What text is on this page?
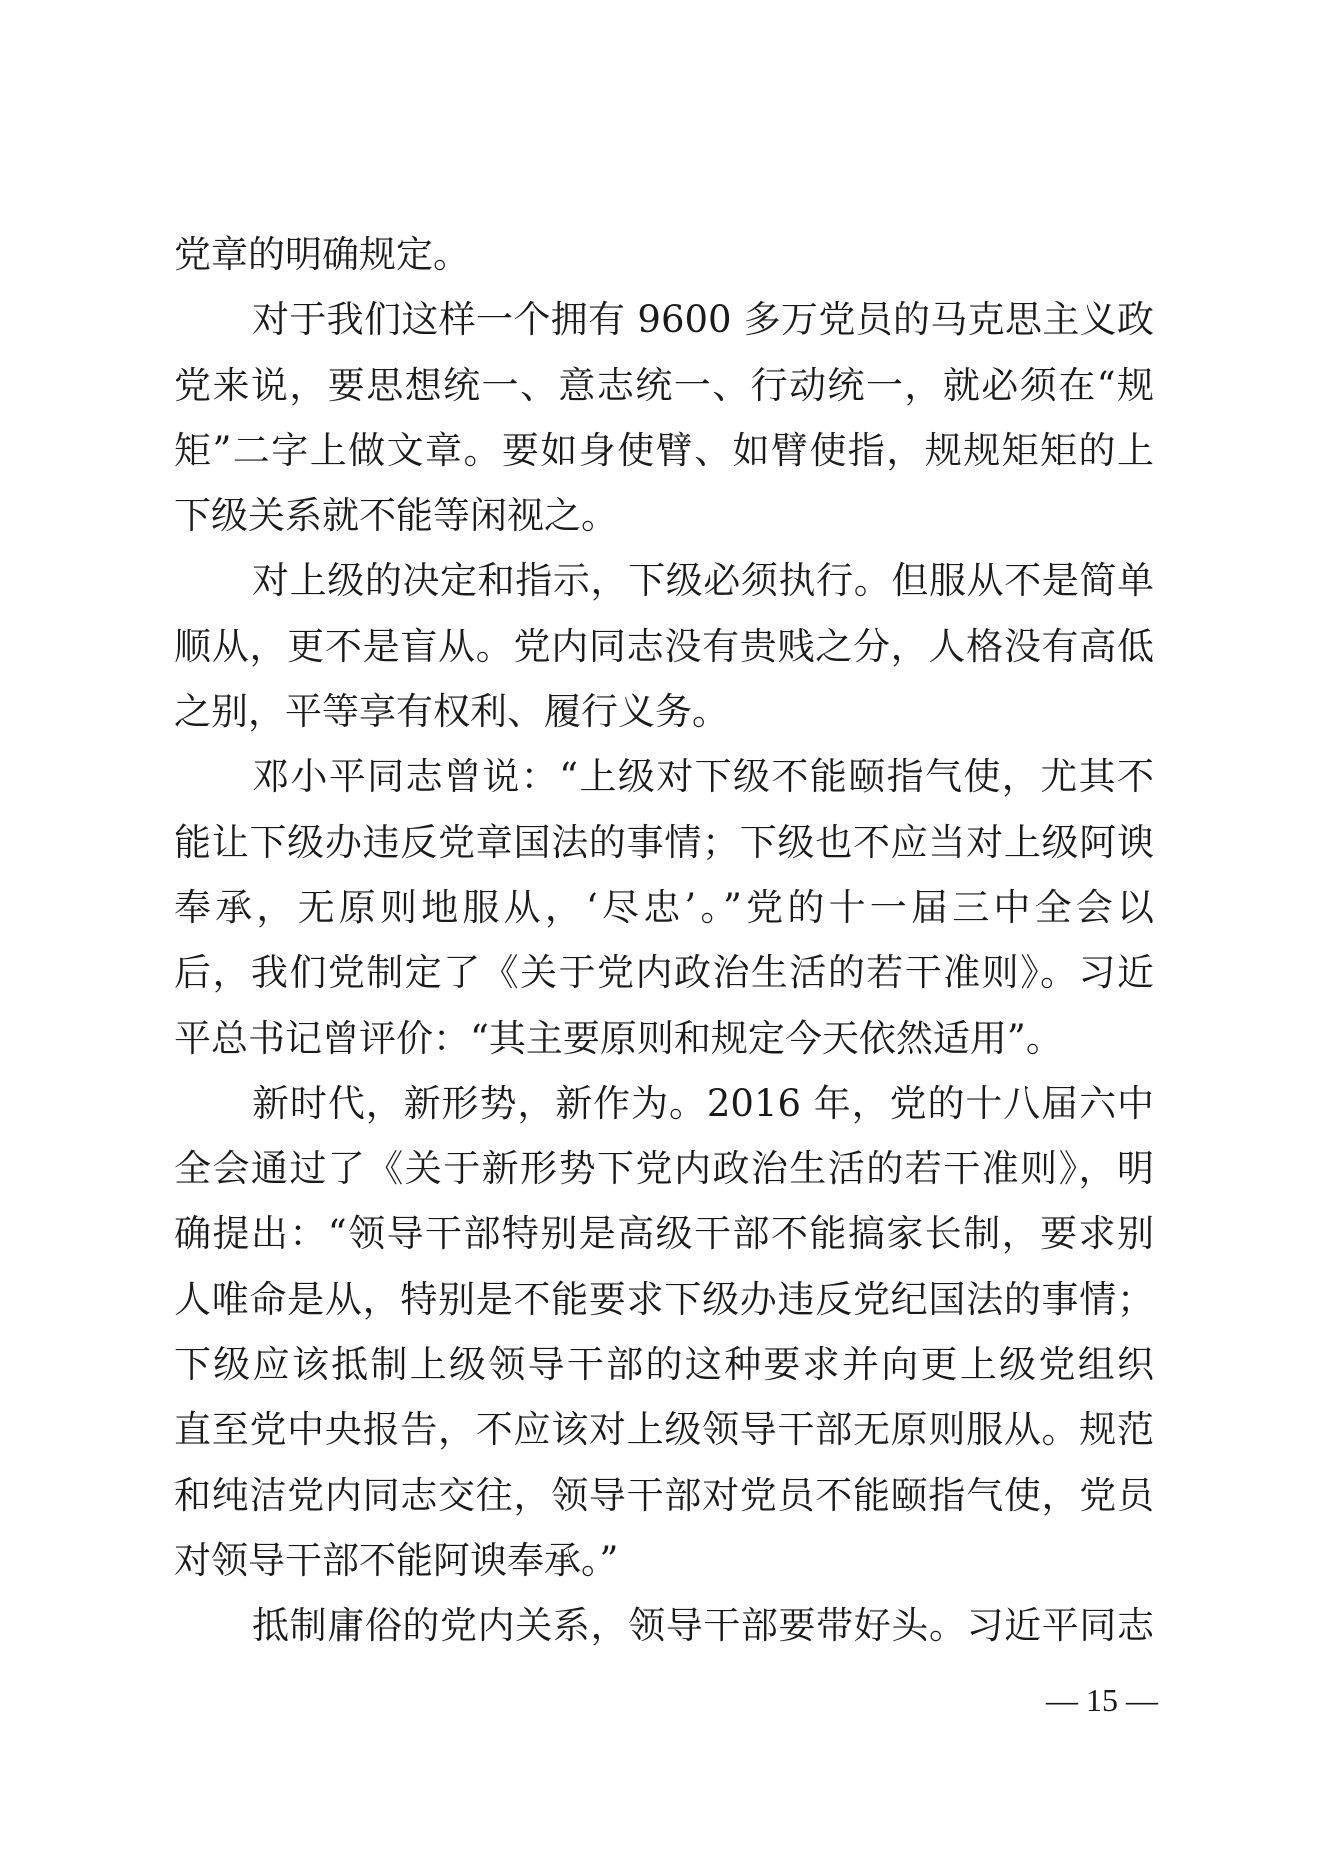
党章的明确规定。
对于我们这样一个拥有 9600 多万党员的马克思主义政
党来说，要思想统一、意志统一、行动统一，就必须在“规
矩”二字上做文章。要如身使臂、如臂使指，规规矩矩的上
下级关系就不能等闲视之。
对上级的决定和指示，下级必须执行。但服从不是简单
顺从，更不是盲从。党内同志没有贵贱之分，人格没有高低
之别，平等享有权利、履行义务。
邓小平同志曾说：“上级对下级不能颐指气使，尤其不
能让下级办违反党章国法的事情；下级也不应当对上级阿谀
奉承，无原则地服从，‘尽忠’。”党的十一届三中全会以
后，我们党制定了《关于党内政治生活的若干准则》。习近
平总书记曾评价：“其主要原则和规定今天依然适用”。
新时代，新形势，新作为。2016 年，党的十八届六中
全会通过了《关于新形势下党内政治生活的若干准则》，明
确提出：“领导干部特别是高级干部不能搞家长制，要求别
人唯命是从，特别是不能要求下级办违反党纪国法的事情；
下级应该抵制上级领导干部的这种要求并向更上级党组织
直至党中央报告，不应该对上级领导干部无原则服从。规范
和纯洁党内同志交往，领导干部对党员不能颐指气使，党员
对领导干部不能阿谀奉承。”
抵制庸俗的党内关系，领导干部要带好头。习近平同志
— 15 —
